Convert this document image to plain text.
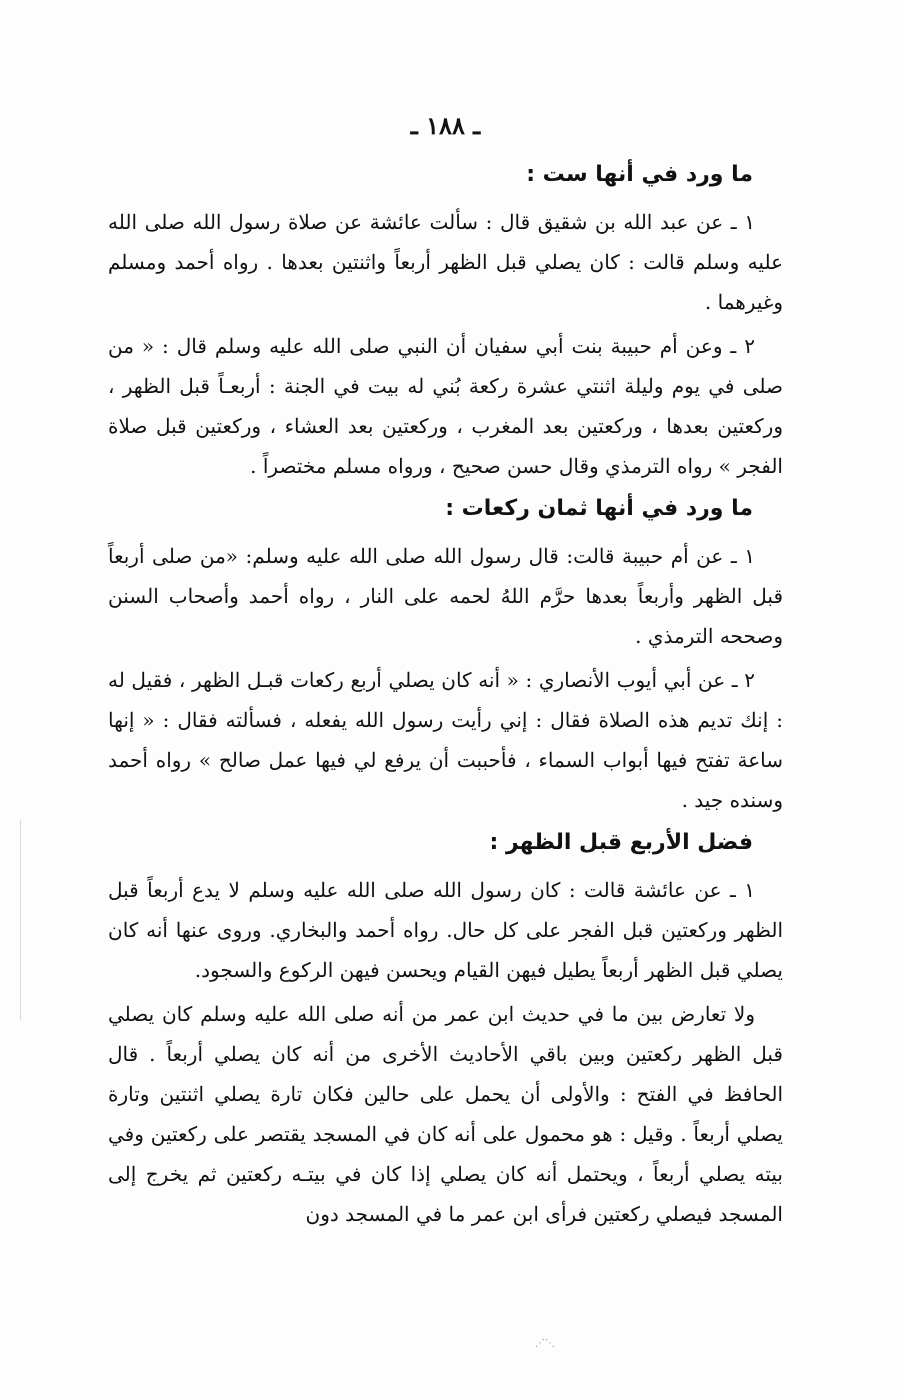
ـ ١٨٨ ـ
ما ورد في أنها ست :

١ ـ عن عبد الله بن شقيق قال : سألت عائشة عن صلاة رسول الله صلى الله عليه وسلم قالت : كان يصلي قبل الظهر أربعاً واثنتين بعدها . رواه أحمد ومسلم وغيرهما .

٢ ـ وعن أم حبيبة بنت أبي سفيان أن النبي صلى الله عليه وسلم قال : « من صلى في يوم وليلة اثنتي عشرة ركعة بُني له بيت في الجنة : أربعـاً قبل الظهر ، وركعتين بعدها ، وركعتين بعد المغرب ، وركعتين بعد العشاء ، وركعتين قبل صلاة الفجر » رواه الترمذي وقال حسن صحيح ، ورواه مسلم مختصراً .

ما ورد في أنها ثمان ركعات :

١ ـ عن أم حبيبة قالت: قال رسول الله صلى الله عليه وسلم: «من صلى أربعاً قبل الظهر وأربعاً بعدها حرَّم اللهُ لحمه على النار ، رواه أحمد وأصحاب السنن وصححه الترمذي .

٢ ـ عن أبي أيوب الأنصاري : « أنه كان يصلي أربع ركعات قبـل الظهر ، فقيل له : إنك تديم هذه الصلاة فقال : إني رأيت رسول الله يفعله ، فسألته فقال : « إنها ساعة تفتح فيها أبواب السماء ، فأحببت أن يرفع لي فيها عمل صالح » رواه أحمد وسنده جيد .

فضل الأربع قبل الظهر :

١ ـ عن عائشة قالت : كان رسول الله صلى الله عليه وسلم لا يدع أربعاً قبل الظهر وركعتين قبل الفجر على كل حال. رواه أحمد والبخاري. وروى عنها أنه كان يصلي قبل الظهر أربعاً يطيل فيهن القيام ويحسن فيهن الركوع والسجود.

ولا تعارض بين ما في حديث ابن عمر من أنه صلى الله عليه وسلم كان يصلي قبل الظهر ركعتين وبين باقي الأحاديث الأخرى من أنه كان يصلي أربعاً . قال الحافظ في الفتح : والأولى أن يحمل على حالين فكان تارة يصلي اثنتين وتارة يصلي أربعاً . وقيل : هو محمول على أنه كان في المسجد يقتصر على ركعتين وفي بيته يصلي أربعاً ، ويحتمل أنه كان يصلي إذا كان في بيتـه ركعتين ثم يخرج إلى المسجد فيصلي ركعتين فرأى ابن عمر ما في المسجد دون

⋰⋱
